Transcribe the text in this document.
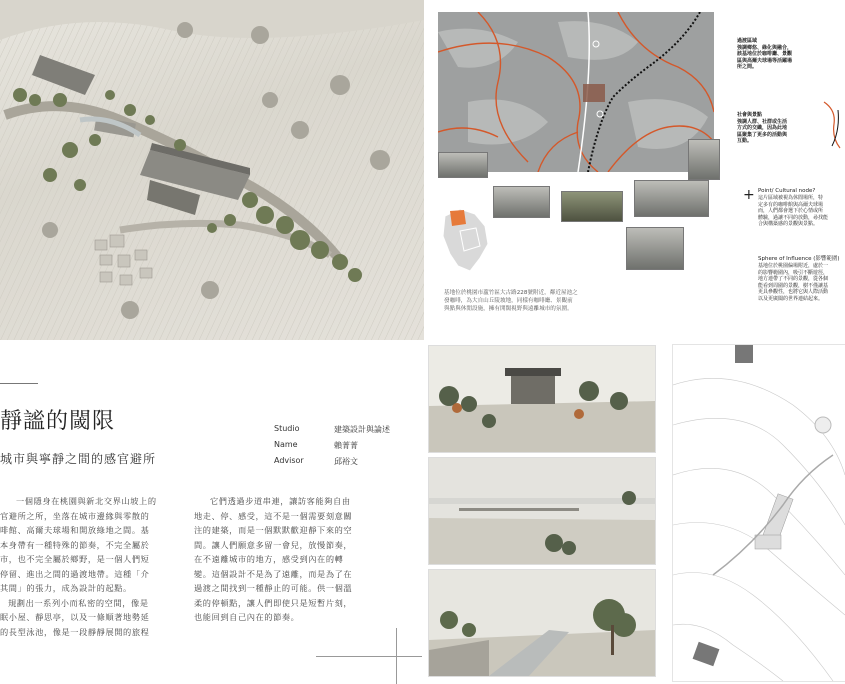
過渡區域
強調鄉悠、綠化與融合，
該基地位於咖啡廳、景觀
區與高爾夫球場等活躍場
所之間。
社會與景點
強調人群、社群或生活
方式的交織，因為此地
區聚集了更多的活動與
互動。
+ Point/ Cultural node?
這片區域被視為休閒場所，特
定多有的咖啡館與高爾夫球場
而，人們都會選下於心情或所
體驗，過讓不同的放動，尋找能
合與構築感的景觀與景點。
Sphere of Influence (影響範圍)
基地位於桃園偏場附近，處於一
的影響範圍內，吸引不斷遊徑，
地方連帶了不同的景觀，從各個
能看到周圍的景觀，樹不僅讓基
更具參觀性，也將它與人際活動
以及更廣闊的世界連結起來。
基地位於桃園市蘆竹區大古路228號附近，鄰近屋池之
發咖啡，為大自山丘陵坡地，同樣有咖啡廳、景觀前
與點與休閒設施，擁有開闊視野與遠離城市的氛圍。
靜謐的閾限
城市與寧靜之間的感官避所
Studio	建築設計與論述
Name	賴菁菁
Advisor	邱裕文
一個隱身在桃園與新北交界山坡上的
官避所之所，坐落在城市邊緣與零散的
啡館、高爾夫球場和開放綠地之間。基
本身帶有一種特殊的節奏，不完全屬於
市，也不完全屬於鄉野，是一個人們短
停留、進出之間的過渡地帶。這種「介
其間」的張力，成為設計的起點。
規劃出一系列小而私密的空間，像是
眠小屋、靜思亭，以及一條順著地勢延
的長型泳池，像是一段靜靜展開的旅程
它們透過步道串連，讓訪客能夠自由
地走、停、感受，這不是一個需要刻意關
注的建築，而是一個默默歡迎靜下來的空
間。讓人們願意多留一會兒，放慢節奏，
在不遠離城市的地方，感受到內在的轉
變。這個設計不是為了遠離，而是為了在
過渡之間找到一種靜止的可能。供一個溫
柔的停頓點，讓人們即使只是短暫片刻，
也能回到自己內在的節奏。
